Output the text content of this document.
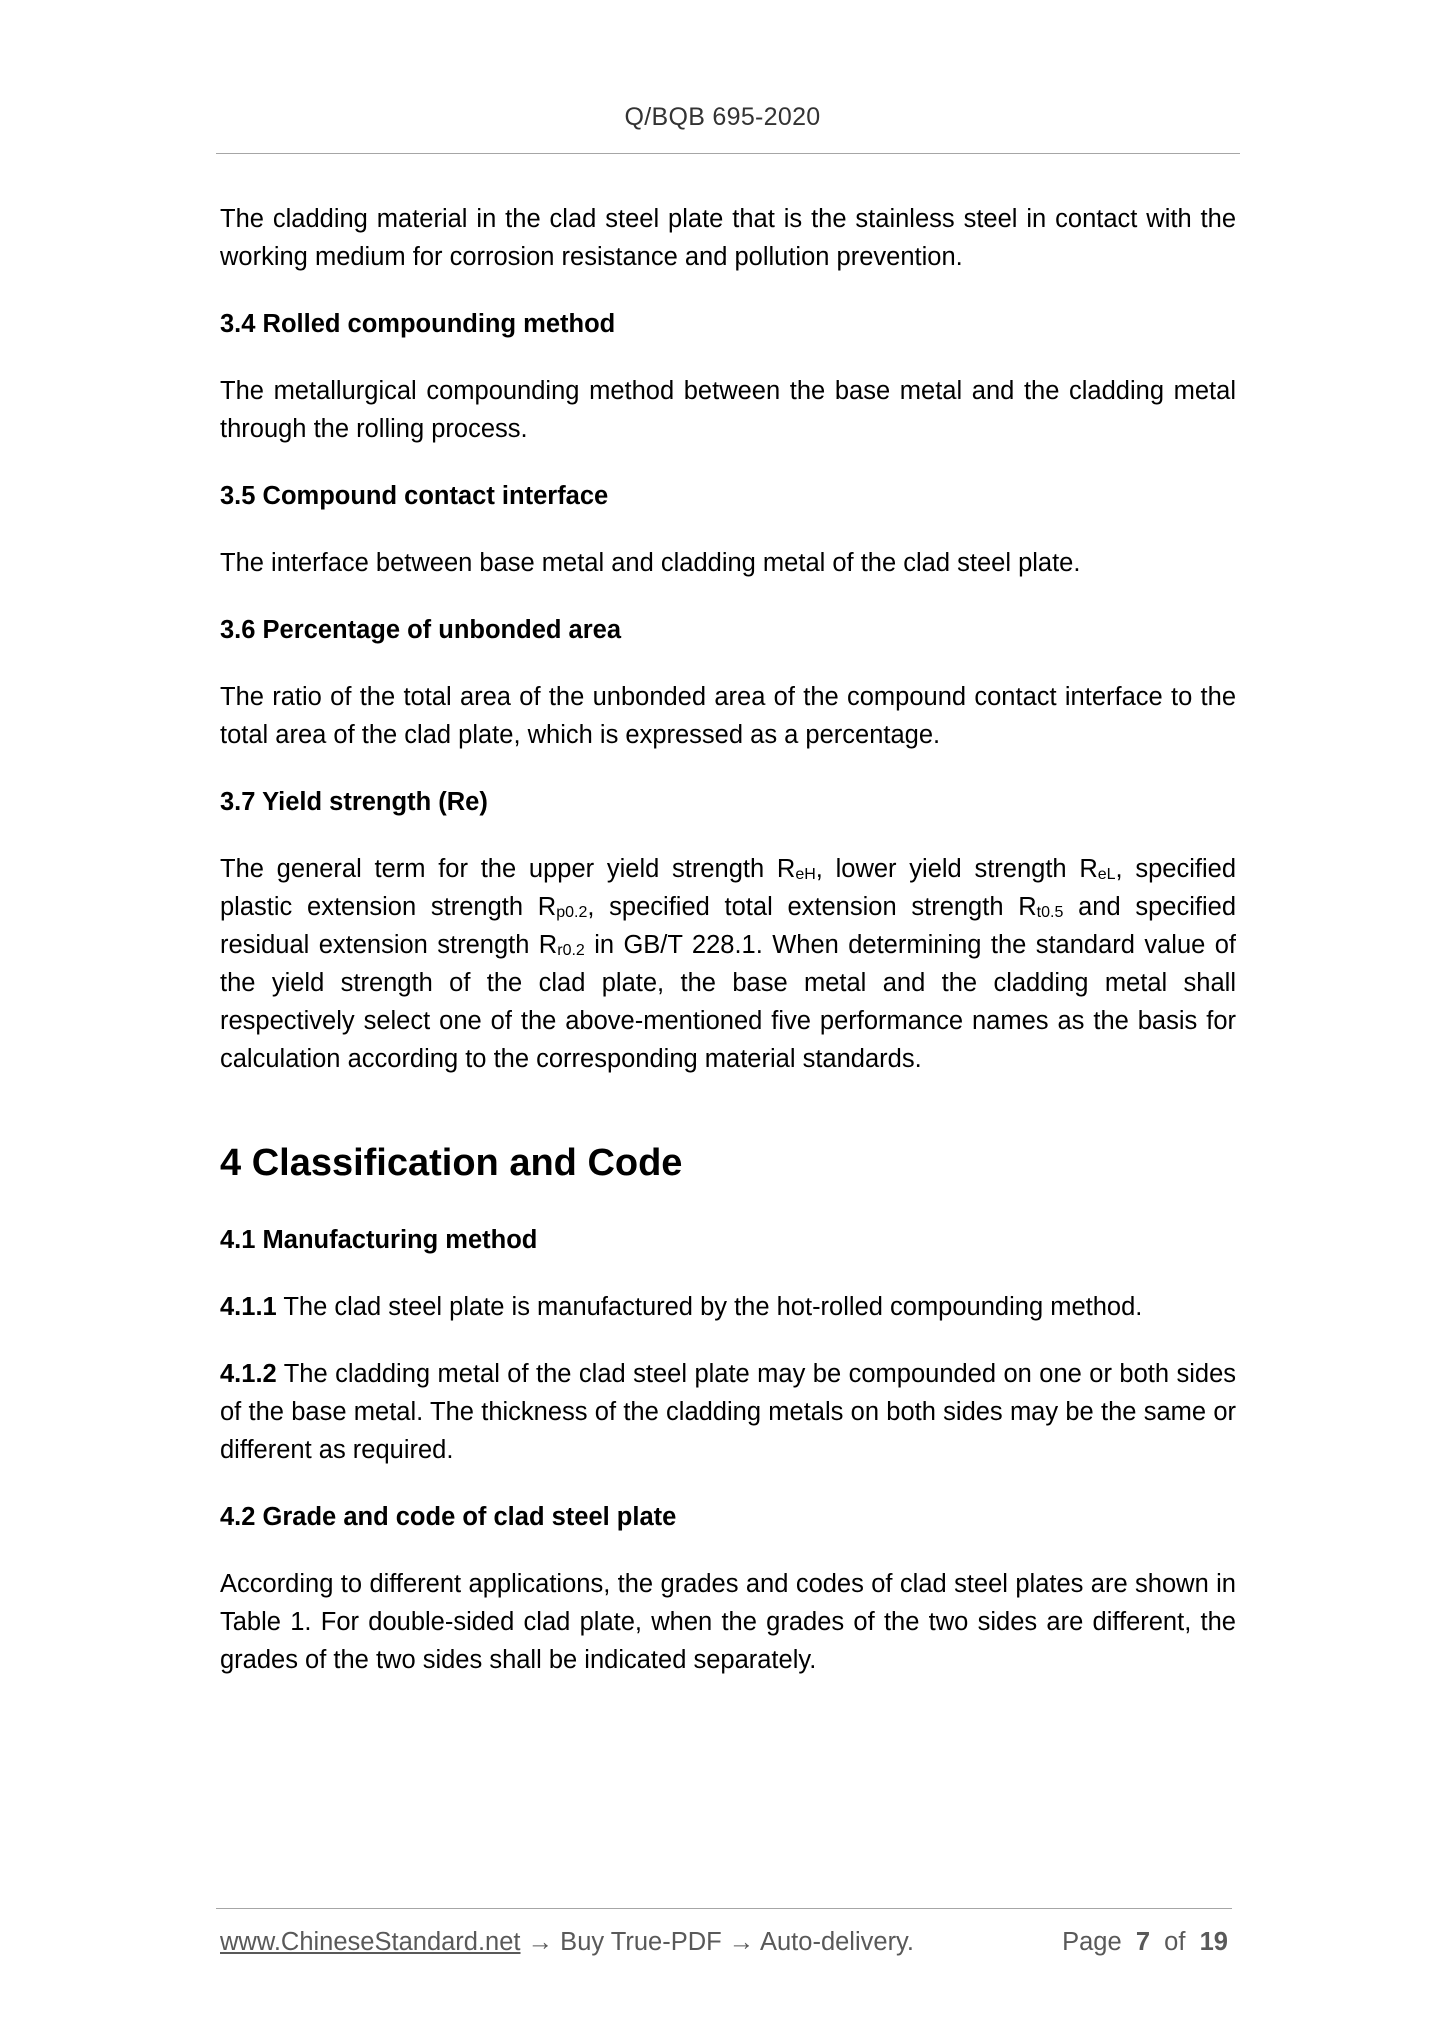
Q/BQB 695-2020

The cladding material in the clad steel plate that is the stainless steel in contact with the working medium for corrosion resistance and pollution prevention.

3.4 Rolled compounding method

The metallurgical compounding method between the base metal and the cladding metal through the rolling process.

3.5 Compound contact interface

The interface between base metal and cladding metal of the clad steel plate.

3.6 Percentage of unbonded area

The ratio of the total area of the unbonded area of the compound contact interface to the total area of the clad plate, which is expressed as a percentage.

3.7 Yield strength (Re)

The general term for the upper yield strength $R_{eH}$, lower yield strength $R_{eL}$, specified plastic extension strength $R_{p0.2}$, specified total extension strength $R_{t0.5}$ and specified residual extension strength $R_{r0.2}$ in GB/T 228.1. When determining the standard value of the yield strength of the clad plate, the base metal and the cladding metal shall respectively select one of the above-mentioned five performance names as the basis for calculation according to the corresponding material standards.

4 Classification and Code
4.1 Manufacturing method

4.1.1 The clad steel plate is manufactured by the hot-rolled compounding method.

4.1.2 The cladding metal of the clad steel plate may be compounded on one or both sides of the base metal. The thickness of the cladding metals on both sides may be the same or different as required.

4.2 Grade and code of clad steel plate

According to different applications, the grades and codes of clad steel plates are shown in Table 1. For double-sided clad plate, when the grades of the two sides are different, the grades of the two sides shall be indicated separately.

www.ChineseStandard.net → Buy True-PDF → Auto-delivery.	Page 7 of 19
